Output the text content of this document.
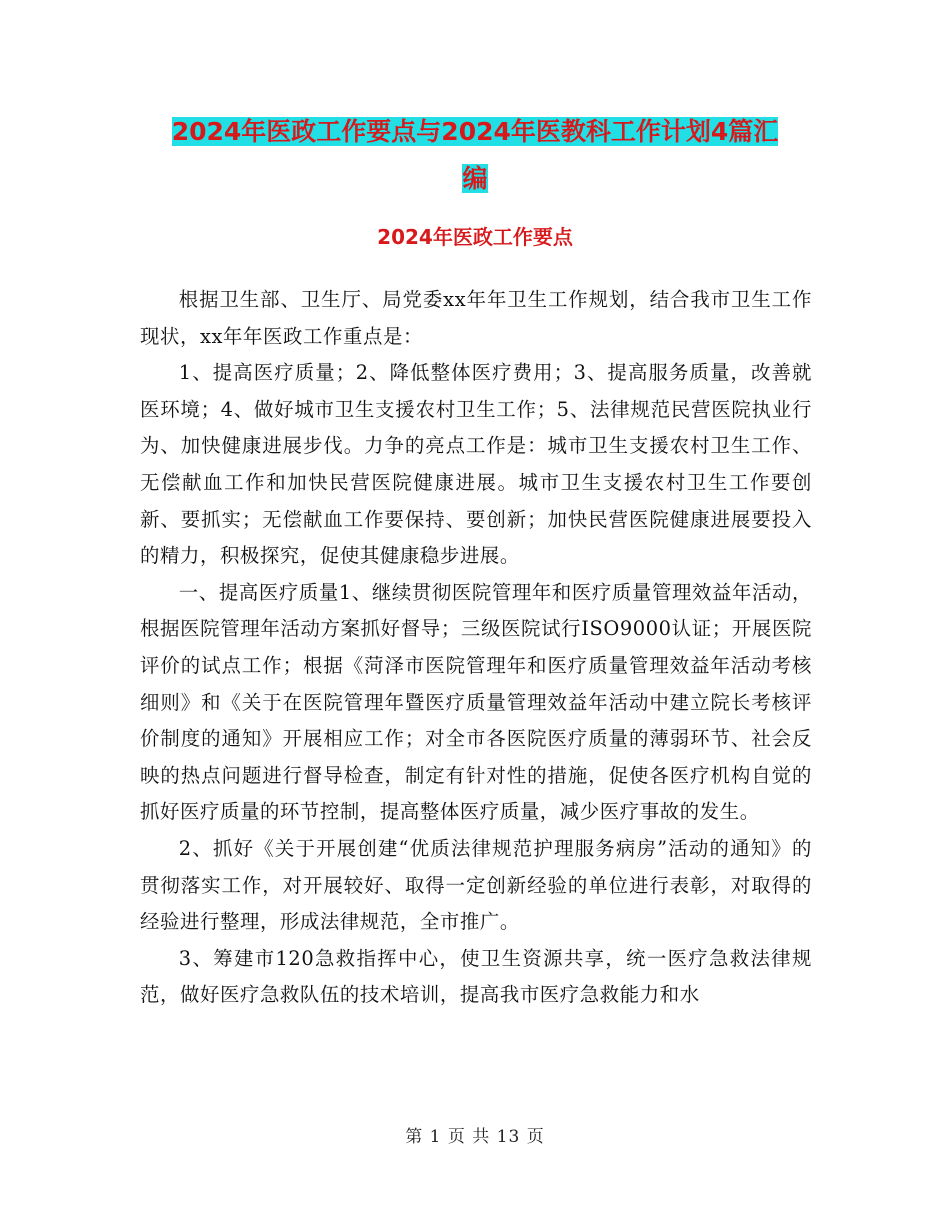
2024年医政工作要点与2024年医教科工作计划4篇汇
编
2024年医政工作要点

根据卫生部、卫生厅、局党委xx年年卫生工作规划，结合我市卫生工作现状，xx年年医政工作重点是：

1、提高医疗质量；2、降低整体医疗费用；3、提高服务质量，改善就医环境；4、做好城市卫生支援农村卫生工作；5、法律规范民营医院执业行为、加快健康进展步伐。力争的亮点工作是：城市卫生支援农村卫生工作、无偿献血工作和加快民营医院健康进展。城市卫生支援农村卫生工作要创新、要抓实；无偿献血工作要保持、要创新；加快民营医院健康进展要投入的精力，积极探究，促使其健康稳步进展。

一、提高医疗质量1、继续贯彻医院管理年和医疗质量管理效益年活动，根据医院管理年活动方案抓好督导；三级医院试行ISO9000认证；开展医院评价的试点工作；根据《菏泽市医院管理年和医疗质量管理效益年活动考核细则》和《关于在医院管理年暨医疗质量管理效益年活动中建立院长考核评价制度的通知》开展相应工作；对全市各医院医疗质量的薄弱环节、社会反映的热点问题进行督导检查，制定有针对性的措施，促使各医疗机构自觉的抓好医疗质量的环节控制，提高整体医疗质量，减少医疗事故的发生。

2、抓好《关于开展创建“优质法律规范护理服务病房”活动的通知》的贯彻落实工作，对开展较好、取得一定创新经验的单位进行表彰，对取得的经验进行整理，形成法律规范，全市推广。

3、筹建市120急救指挥中心，使卫生资源共享，统一医疗急救法律规范，做好医疗急救队伍的技术培训，提高我市医疗急救能力和水

第 1 页 共 13 页
